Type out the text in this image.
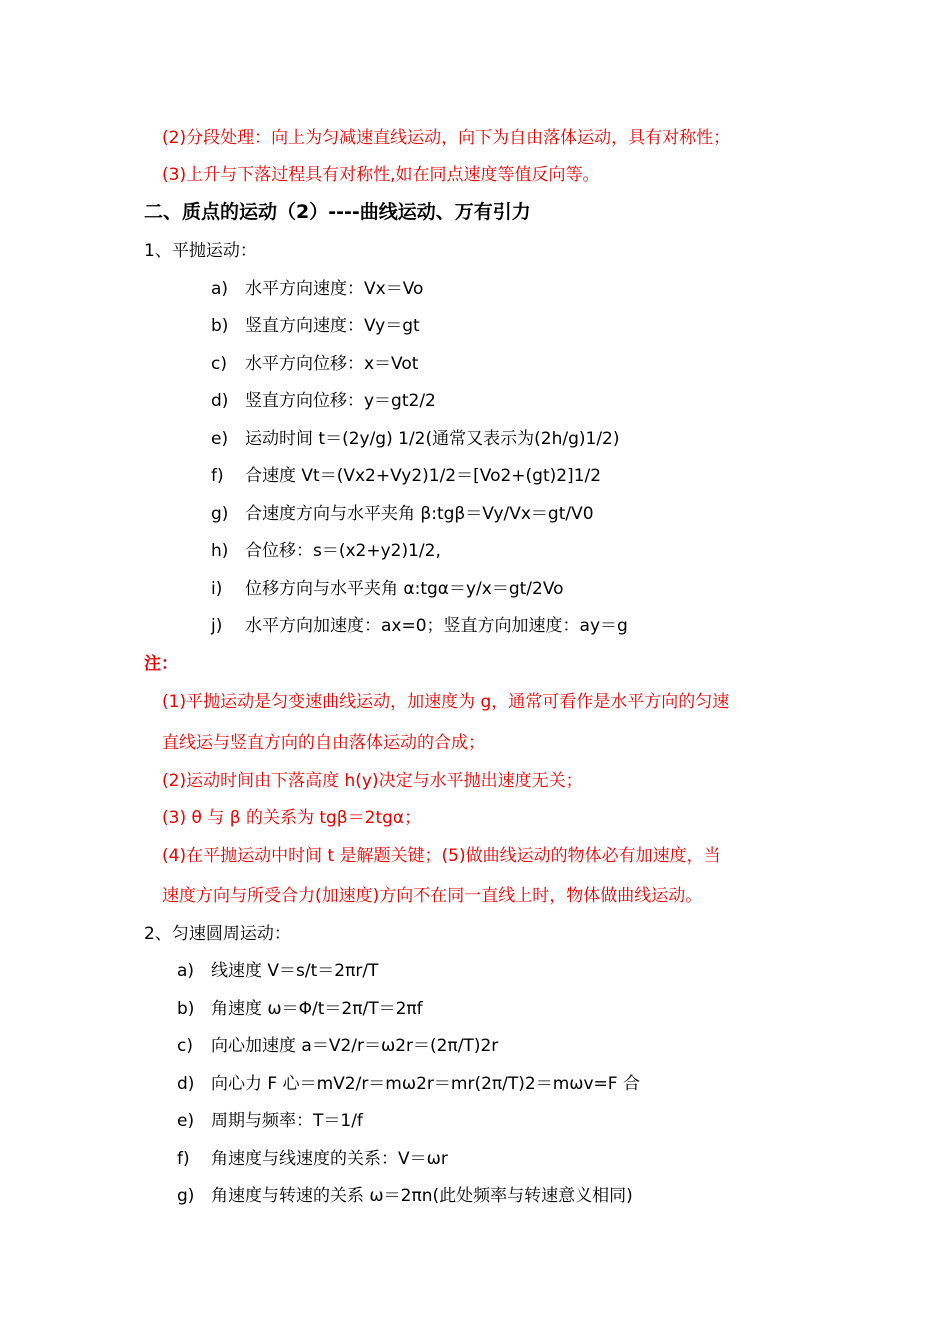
(2)分段处理：向上为匀减速直线运动，向下为自由落体运动，具有对称性；
(3)上升与下落过程具有对称性,如在同点速度等值反向等。
二、质点的运动（2）----曲线运动、万有引力
1、平抛运动：
a) 水平方向速度：Vx＝Vo
b) 竖直方向速度：Vy＝gt
c) 水平方向位移：x＝Vot
d) 竖直方向位移：y＝gt2/2
e) 运动时间 t＝(2y/g) 1/2(通常又表示为(2h/g)1/2)
f) 合速度 Vt＝(Vx2+Vy2)1/2＝[Vo2+(gt)2]1/2
g) 合速度方向与水平夹角 β:tgβ＝Vy/Vx＝gt/V0
h) 合位移：s＝(x2+y2)1/2,
i) 位移方向与水平夹角 α:tgα＝y/x＝gt/2Vo
j) 水平方向加速度：ax=0；竖直方向加速度：ay＝g
注：
(1)平抛运动是匀变速曲线运动，加速度为 g，通常可看作是水平方向的匀速
直线运与竖直方向的自由落体运动的合成；
(2)运动时间由下落高度 h(y)决定与水平抛出速度无关；
(3) θ 与 β 的关系为 tgβ＝2tgα；
(4)在平抛运动中时间 t 是解题关键；(5)做曲线运动的物体必有加速度，当
速度方向与所受合力(加速度)方向不在同一直线上时，物体做曲线运动。
2、匀速圆周运动：
a) 线速度 V＝s/t＝2πr/T
b) 角速度 ω＝Φ/t＝2π/T＝2πf
c) 向心加速度 a＝V2/r＝ω2r＝(2π/T)2r
d) 向心力 F 心＝mV2/r＝mω2r＝mr(2π/T)2＝mωv=F 合
e) 周期与频率：T＝1/f
f) 角速度与线速度的关系：V＝ωr
g) 角速度与转速的关系 ω＝2πn(此处频率与转速意义相同)
